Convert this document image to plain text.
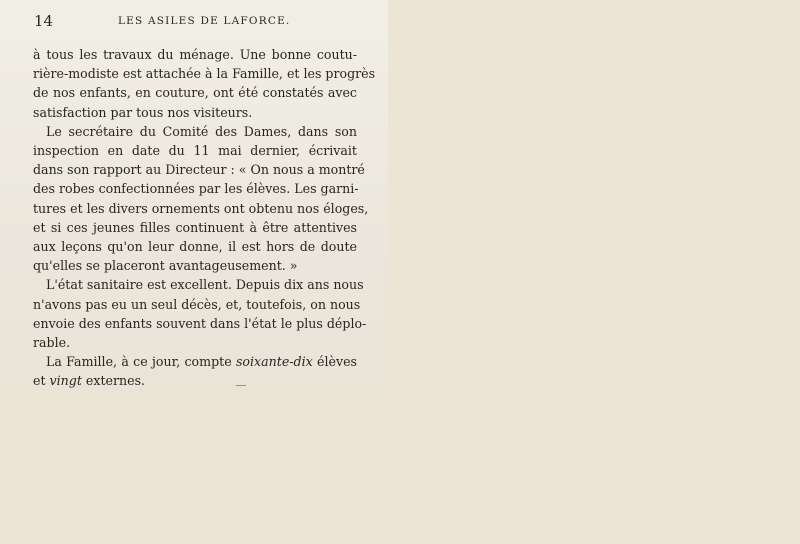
14	LES ASILES DE LAFORCE.

à tous les travaux du ménage. Une bonne coutu-
rière-modiste est attachée à la Famille, et les progrès
de nos enfants, en couture, ont été constatés avec
satisfaction par tous nos visiteurs.

Le secrétaire du Comité des Dames, dans son
inspection en date du 11 mai dernier, écrivait
dans son rapport au Directeur : « On nous a montré
des robes confectionnées par les élèves. Les garni-
tures et les divers ornements ont obtenu nos éloges,
et si ces jeunes filles continuent à être attentives
aux leçons qu'on leur donne, il est hors de doute
qu'elles se placeront avantageusement. »

L'état sanitaire est excellent. Depuis dix ans nous
n'avons pas eu un seul décès, et, toutefois, on nous
envoie des enfants souvent dans l'état le plus déplo-
rable.

La Famille, à ce jour, compte soixante-dix élèves
et vingt externes.
